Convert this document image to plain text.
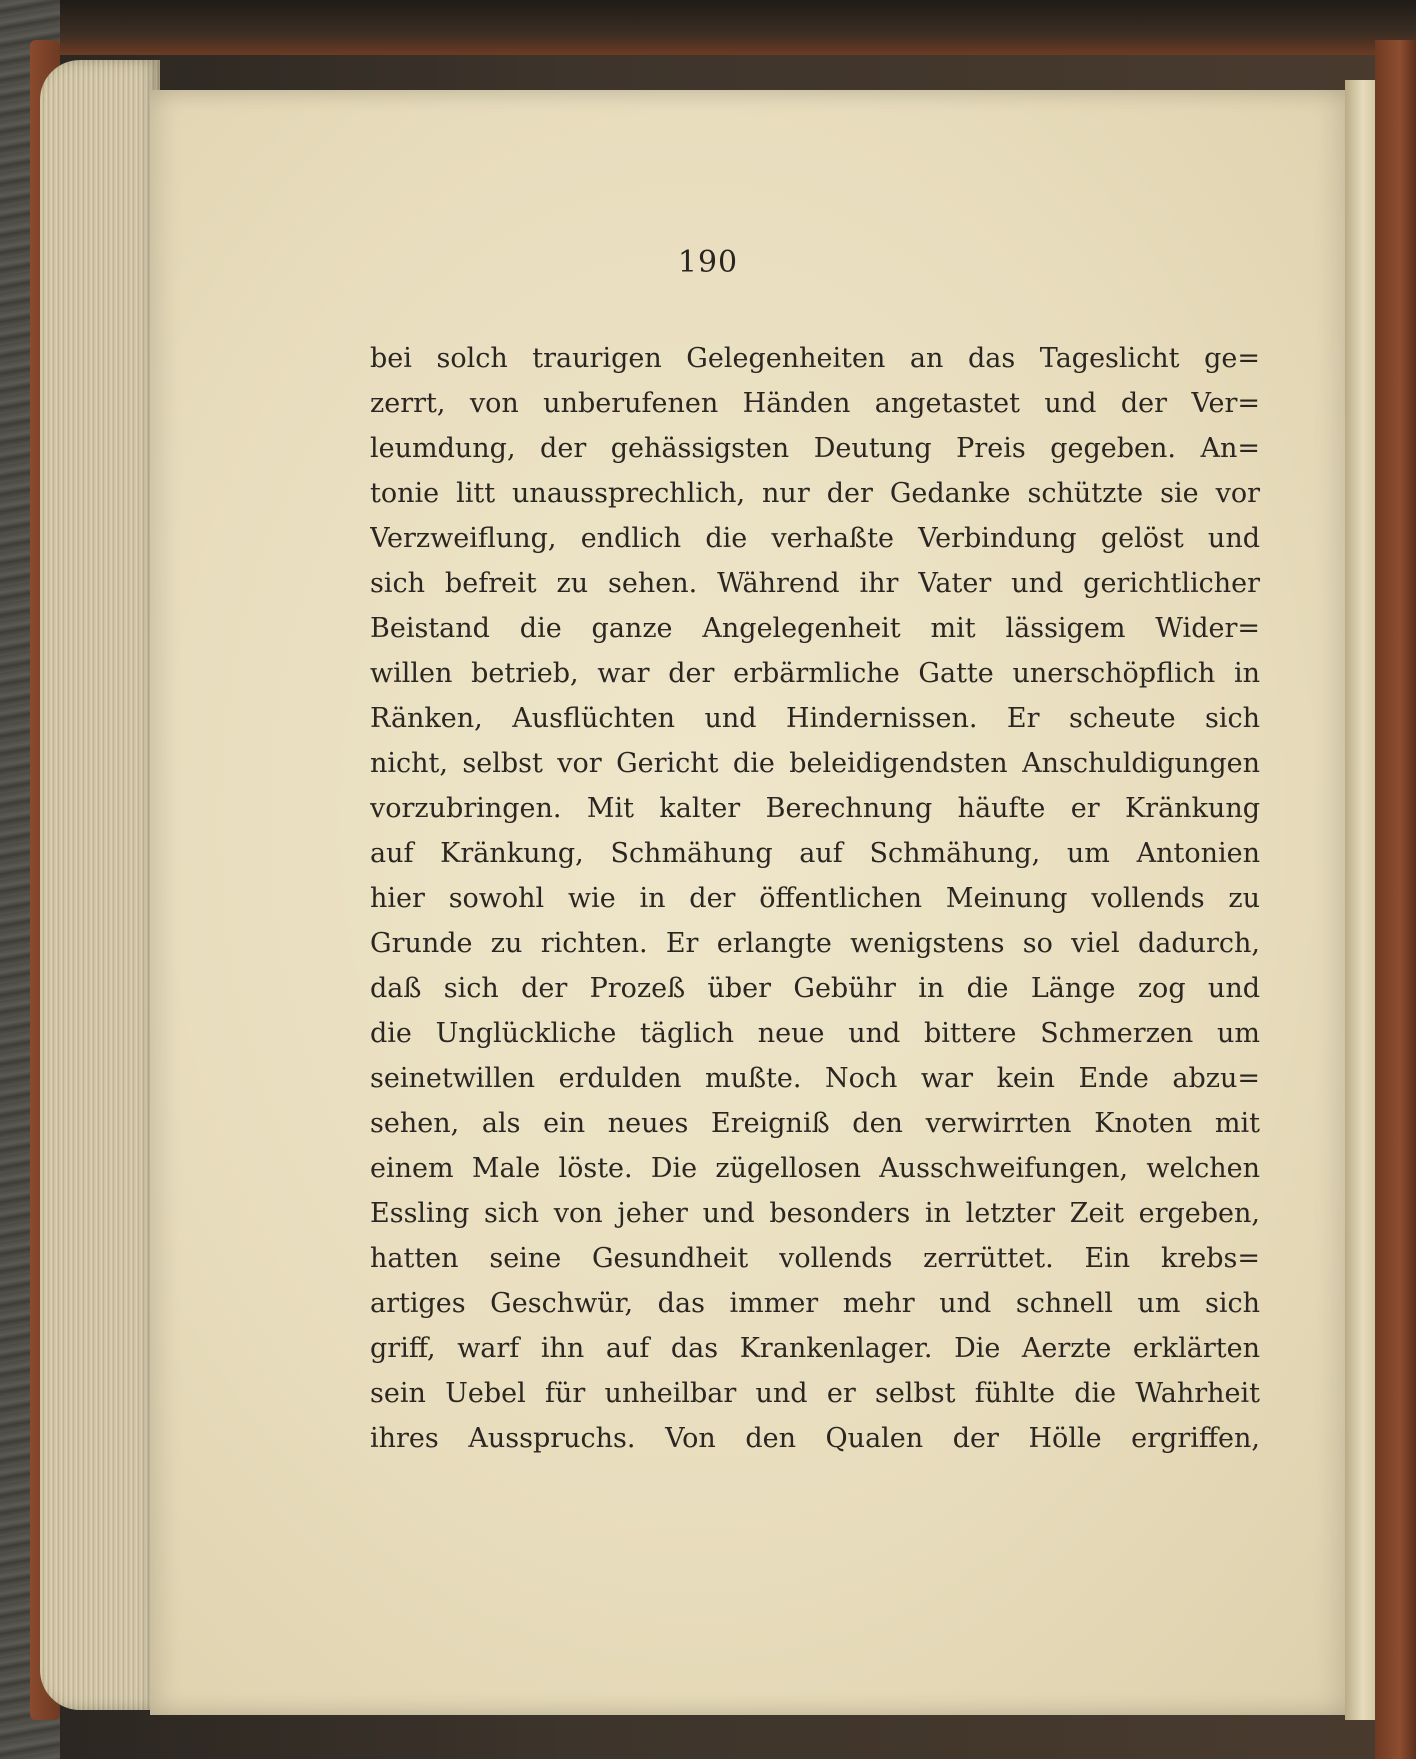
190
bei solch traurigen Gelegenheiten an das Tageslicht ge=
zerrt, von unberufenen Händen angetastet und der Ver=
leumdung, der gehässigsten Deutung Preis gegeben. An=
tonie litt unaussprechlich, nur der Gedanke schützte sie vor
Verzweiflung, endlich die verhaßte Verbindung gelöst und
sich befreit zu sehen. Während ihr Vater und gerichtlicher
Beistand die ganze Angelegenheit mit lässigem Wider=
willen betrieb, war der erbärmliche Gatte unerschöpflich in
Ränken, Ausflüchten und Hindernissen. Er scheute sich
nicht, selbst vor Gericht die beleidigendsten Anschuldigungen
vorzubringen. Mit kalter Berechnung häufte er Kränkung
auf Kränkung, Schmähung auf Schmähung, um Antonien
hier sowohl wie in der öffentlichen Meinung vollends zu
Grunde zu richten. Er erlangte wenigstens so viel dadurch,
daß sich der Prozeß über Gebühr in die Länge zog und
die Unglückliche täglich neue und bittere Schmerzen um
seinetwillen erdulden mußte. Noch war kein Ende abzu=
sehen, als ein neues Ereigniß den verwirrten Knoten mit
einem Male löste. Die zügellosen Ausschweifungen, welchen
Essling sich von jeher und besonders in letzter Zeit ergeben,
hatten seine Gesundheit vollends zerrüttet. Ein krebs=
artiges Geschwür, das immer mehr und schnell um sich
griff, warf ihn auf das Krankenlager. Die Aerzte erklärten
sein Uebel für unheilbar und er selbst fühlte die Wahrheit
ihres Ausspruchs. Von den Qualen der Hölle ergriffen,
